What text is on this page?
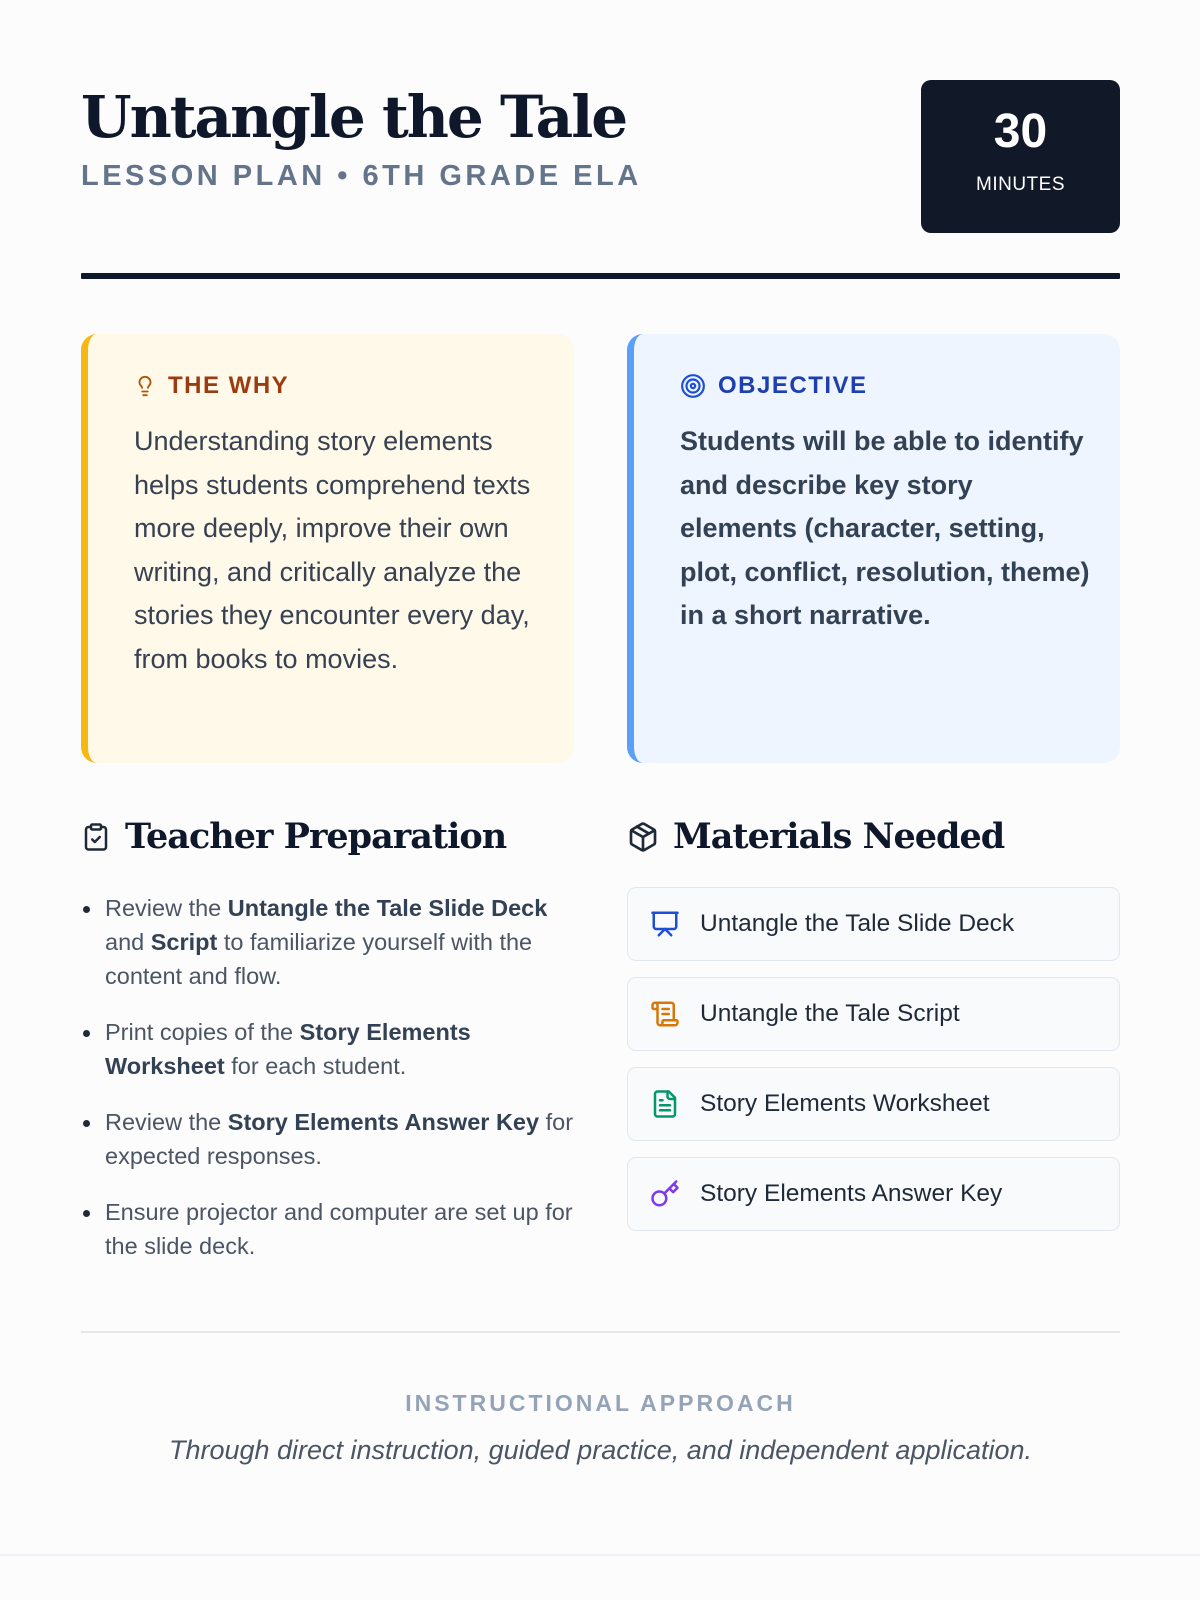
Untangle the Tale
LESSON PLAN • 6TH GRADE ELA
30
MINUTES
THE WHY
Understanding story elements helps students comprehend texts more deeply, improve their own writing, and critically analyze the stories they encounter every day, from books to movies.
OBJECTIVE
Students will be able to identify and describe key story elements (character, setting, plot, conflict, resolution, theme) in a short narrative.
Teacher Preparation
Review the Untangle the Tale Slide Deck and Script to familiarize yourself with the content and flow.
Print copies of the Story Elements Worksheet for each student.
Review the Story Elements Answer Key for expected responses.
Ensure projector and computer are set up for the slide deck.
Materials Needed
Untangle the Tale Slide Deck
Untangle the Tale Script
Story Elements Worksheet
Story Elements Answer Key
INSTRUCTIONAL APPROACH
Through direct instruction, guided practice, and independent application.
